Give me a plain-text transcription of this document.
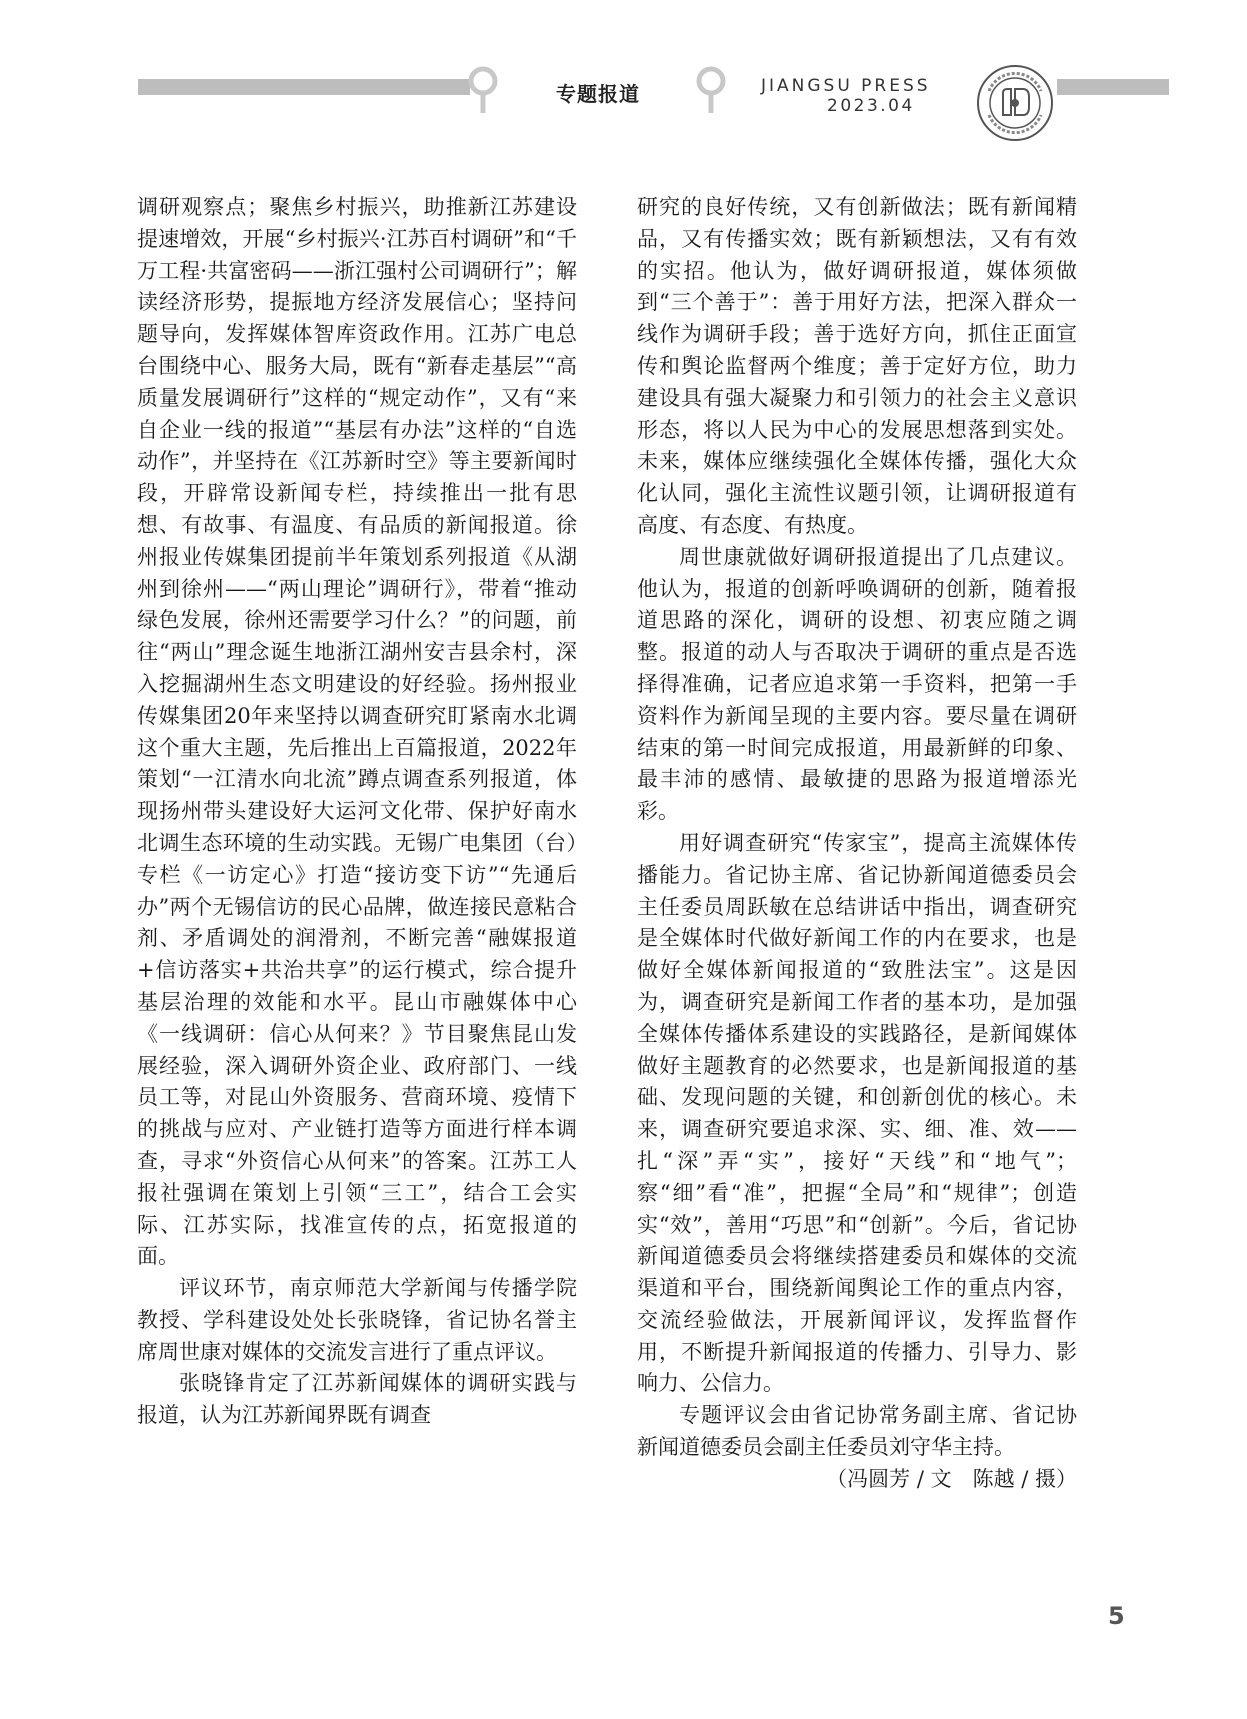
专题报道	JIANGSU PRESS
2023.04

调研观察点；聚焦乡村振兴，助推新江苏建设提速增效，开展“乡村振兴·江苏百村调研”和“千万工程·共富密码——浙江强村公司调研行”；解读经济形势，提振地方经济发展信心；坚持问题导向，发挥媒体智库资政作用。江苏广电总台围绕中心、服务大局，既有“新春走基层”“高质量发展调研行”这样的“规定动作”，又有“来自企业一线的报道”“基层有办法”这样的“自选动作”，并坚持在《江苏新时空》等主要新闻时段，开辟常设新闻专栏，持续推出一批有思想、有故事、有温度、有品质的新闻报道。徐州报业传媒集团提前半年策划系列报道《从湖州到徐州——“两山理论”调研行》，带着“推动绿色发展，徐州还需要学习什么？”的问题，前往“两山”理念诞生地浙江湖州安吉县余村，深入挖掘湖州生态文明建设的好经验。扬州报业传媒集团20年来坚持以调查研究盯紧南水北调这个重大主题，先后推出上百篇报道，2022年策划“一江清水向北流”蹲点调查系列报道，体现扬州带头建设好大运河文化带、保护好南水北调生态环境的生动实践。无锡广电集团（台）专栏《一访定心》打造“接访变下访”“先通后办”两个无锡信访的民心品牌，做连接民意粘合剂、矛盾调处的润滑剂，不断完善“融媒报道+信访落实+共治共享”的运行模式，综合提升基层治理的效能和水平。昆山市融媒体中心《一线调研：信心从何来？》节目聚焦昆山发展经验，深入调研外资企业、政府部门、一线员工等，对昆山外资服务、营商环境、疫情下的挑战与应对、产业链打造等方面进行样本调查，寻求“外资信心从何来”的答案。江苏工人报社强调在策划上引领“三工”，结合工会实际、江苏实际，找准宣传的点，拓宽报道的面。

评议环节，南京师范大学新闻与传播学院教授、学科建设处处长张晓锋，省记协名誉主席周世康对媒体的交流发言进行了重点评议。

张晓锋肯定了江苏新闻媒体的调研实践与报道，认为江苏新闻界既有调查

研究的良好传统，又有创新做法；既有新闻精品，又有传播实效；既有新颖想法，又有有效的实招。他认为，做好调研报道，媒体须做到“三个善于”：善于用好方法，把深入群众一线作为调研手段；善于选好方向，抓住正面宣传和舆论监督两个维度；善于定好方位，助力建设具有强大凝聚力和引领力的社会主义意识形态，将以人民为中心的发展思想落到实处。未来，媒体应继续强化全媒体传播，强化大众化认同，强化主流性议题引领，让调研报道有高度、有态度、有热度。

周世康就做好调研报道提出了几点建议。他认为，报道的创新呼唤调研的创新，随着报道思路的深化，调研的设想、初衷应随之调整。报道的动人与否取决于调研的重点是否选择得准确，记者应追求第一手资料，把第一手资料作为新闻呈现的主要内容。要尽量在调研结束的第一时间完成报道，用最新鲜的印象、最丰沛的感情、最敏捷的思路为报道增添光彩。

用好调查研究“传家宝”，提高主流媒体传播能力。省记协主席、省记协新闻道德委员会主任委员周跃敏在总结讲话中指出，调查研究是全媒体时代做好新闻工作的内在要求，也是做好全媒体新闻报道的“致胜法宝”。这是因为，调查研究是新闻工作者的基本功，是加强全媒体传播体系建设的实践路径，是新闻媒体做好主题教育的必然要求，也是新闻报道的基础、发现问题的关键，和创新创优的核心。未来，调查研究要追求深、实、细、准、效——扎“深”弄“实”，接好“天线”和“地气”；察“细”看“准”，把握“全局”和“规律”；创造实“效”，善用“巧思”和“创新”。今后，省记协新闻道德委员会将继续搭建委员和媒体的交流渠道和平台，围绕新闻舆论工作的重点内容，交流经验做法，开展新闻评议，发挥监督作用，不断提升新闻报道的传播力、引导力、影响力、公信力。

专题评议会由省记协常务副主席、省记协新闻道德委员会副主任委员刘守华主持。
（冯圆芳 / 文　陈越 / 摄）

5
